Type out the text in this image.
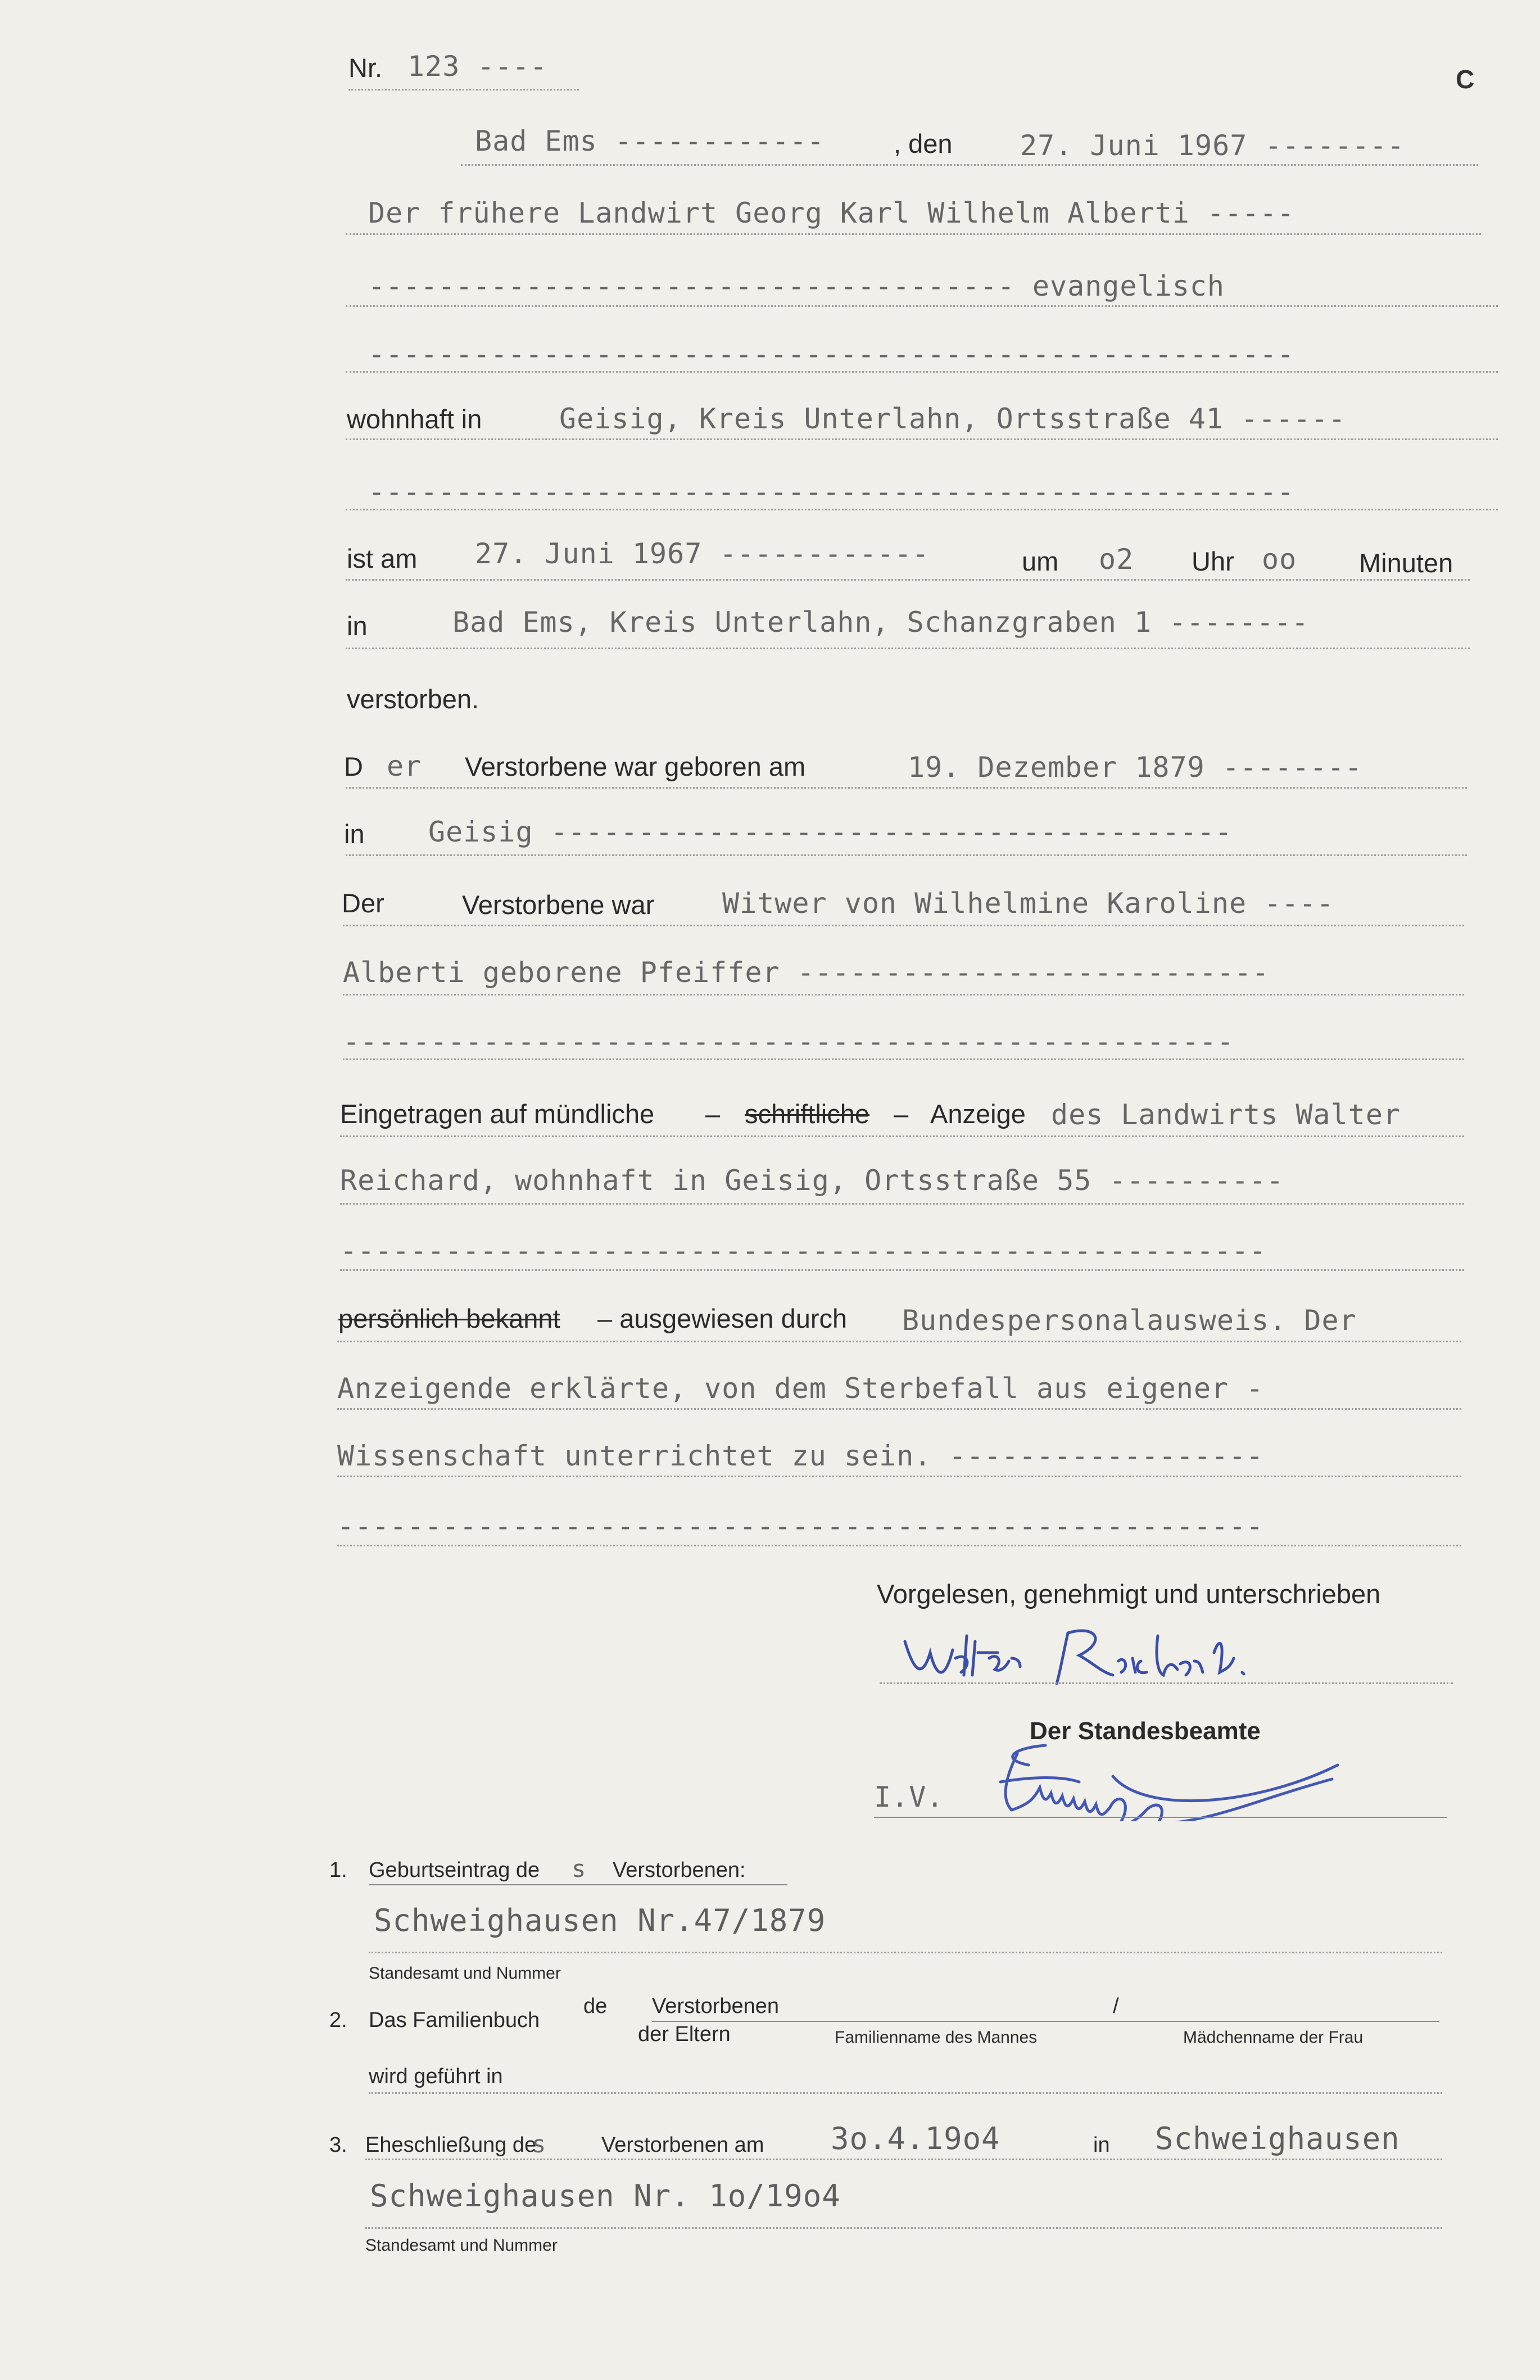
Nr. 123 ----	C
Bad Ems ------------	, den 27. Juni 1967 --------
Der frühere Landwirt Georg Karl Wilhelm Alberti -----
------------------------------------- evangelisch
-----------------------------------------------------
wohnhaft in	Geisig, Kreis Unterlahn, Ortsstraße 41 ------
-----------------------------------------------------
ist am 27. Juni 1967 ------------	um o2 Uhr oo Minuten
in	Bad Ems, Kreis Unterlahn, Schanzgraben 1 --------
verstorben.
D er Verstorbene war geboren am	19. Dezember 1879 --------
in Geisig ---------------------------------------
Der	Verstorbene war Witwer von Wilhelmine Karoline ----
Alberti geborene Pfeiffer ---------------------------
---------------------------------------------------
Eingetragen auf mündliche – schriftliche – Anzeige des Landwirts Walter
Reichard, wohnhaft in Geisig, Ortsstraße 55 ----------
-----------------------------------------------------
persönlich bekannt – ausgewiesen durch Bundespersonalausweis. Der
Anzeigende erklärte, von dem Sterbefall aus eigener -
Wissenschaft unterrichtet zu sein. ------------------
-----------------------------------------------------
Vorgelesen, genehmigt und unterschrieben
Der Standesbeamte
I.V.
1. Geburtseintrag de s Verstorbenen:
Schweighausen Nr.47/1879
Standesamt und Nummer
2. Das Familienbuch
de Verstorbenen
der Eltern
/
Familienname des Mannes	Mädchenname der Frau
wird geführt in
3. Eheschließung de
s	Verstorbenen am 3o.4.19o4	in Schweighausen
Schweighausen Nr. 1o/19o4
Standesamt und Nummer
